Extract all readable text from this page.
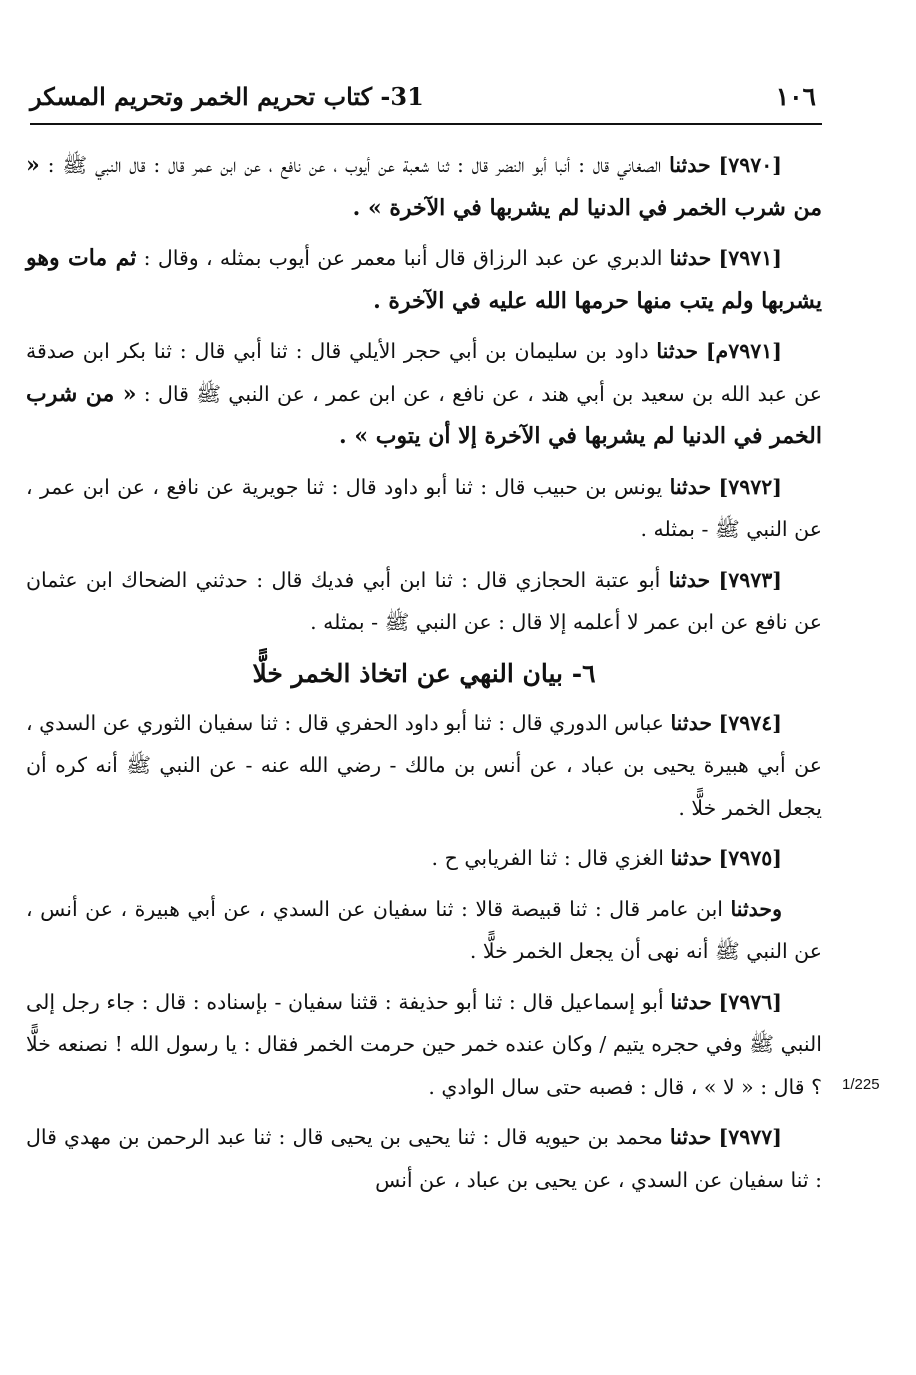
١٠٦
31- كتاب تحريم الخمر وتحريم المسكر

[٧٩٧٠] حدثنا الصغاني قال : أنبا أبو النضر قال : ثنا شعبة عن أيوب ، عن نافع ، عن ابن عمر قال : قال النبي ﷺ : « من شرب الخمر في الدنيا لم يشربها في الآخرة » .

[٧٩٧١] حدثنا الدبري عن عبد الرزاق قال أنبا معمر عن أيوب بمثله ، وقال : ثم مات وهو يشربها ولم يتب منها حرمها الله عليه في الآخرة .

[٧٩٧١م] حدثنا داود بن سليمان بن أبي حجر الأيلي قال : ثنا أبي قال : ثنا بكر ابن صدقة عن عبد الله بن سعيد بن أبي هند ، عن نافع ، عن ابن عمر ، عن النبي ﷺ قال : « من شرب الخمر في الدنيا لم يشربها في الآخرة إلا أن يتوب » .

[٧٩٧٢] حدثنا يونس بن حبيب قال : ثنا أبو داود قال : ثنا جويرية عن نافع ، عن ابن عمر ، عن النبي ﷺ - بمثله .

[٧٩٧٣] حدثنا أبو عتبة الحجازي قال : ثنا ابن أبي فديك قال : حدثني الضحاك ابن عثمان عن نافع عن ابن عمر لا أعلمه إلا قال : عن النبي ﷺ - بمثله .

٦- بيان النهي عن اتخاذ الخمر خلًّا

[٧٩٧٤] حدثنا عباس الدوري قال : ثنا أبو داود الحفري قال : ثنا سفيان الثوري عن السدي ، عن أبي هبيرة يحيى بن عباد ، عن أنس بن مالك - رضي الله عنه - عن النبي ﷺ أنه كره أن يجعل الخمر خلًّا .

[٧٩٧٥] حدثنا الغزي قال : ثنا الفريابي ح .

وحدثنا ابن عامر قال : ثنا قبيصة قالا : ثنا سفيان عن السدي ، عن أبي هبيرة ، عن أنس ، عن النبي ﷺ أنه نهى أن يجعل الخمر خلًّا .

[٧٩٧٦] حدثنا أبو إسماعيل قال : ثنا أبو حذيفة : قثنا سفيان - بإسناده : قال : جاء رجل إلى النبي ﷺ وفي حجره يتيم / وكان عنده خمر حين حرمت الخمر فقال : يا رسول الله ! نصنعه خلًّا ؟ قال : « لا » ، قال : فصبه حتى سال الوادي .

[٧٩٧٧] حدثنا محمد بن حيويه قال : ثنا يحيى بن يحيى قال : ثنا عبد الرحمن بن مهدي قال : ثنا سفيان عن السدي ، عن يحيى بن عباد ، عن أنس

1/225
